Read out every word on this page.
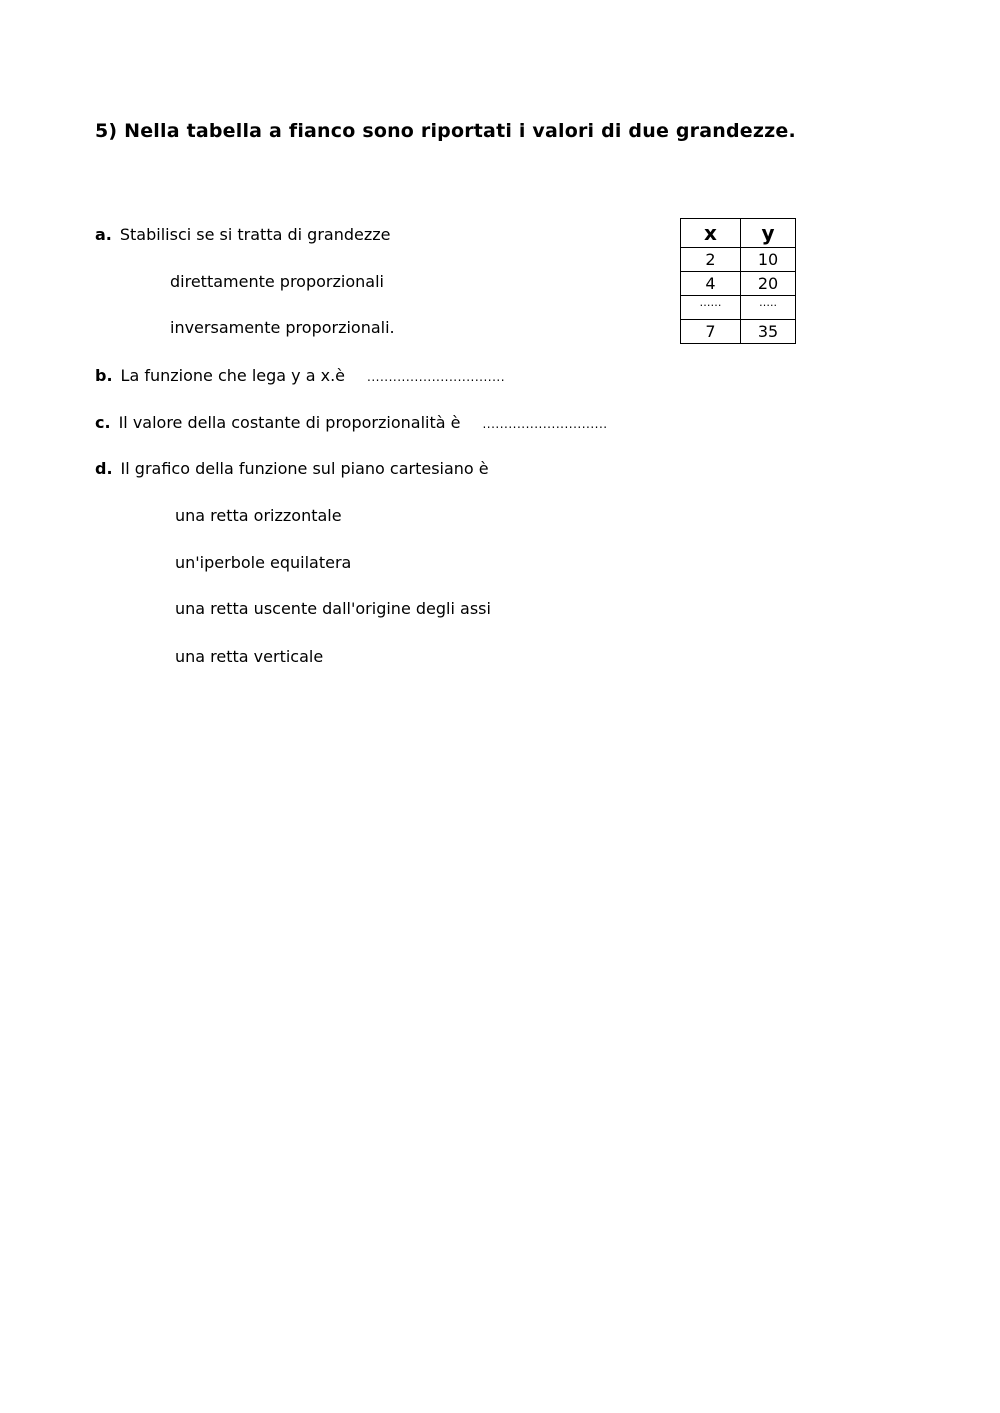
5) Nella tabella a fianco sono riportati i valori di due grandezze.
a. Stabilisci se si tratta di grandezze
direttamente proporzionali
inversamente proporzionali.
b. La funzione che lega y a x.è ................................
c. Il valore della costante di proporzionalità è .............................
d. Il grafico della funzione sul piano cartesiano è
una retta orizzontale
un'iperbole equilatera
una retta uscente dall'origine degli assi
una retta verticale
x	y
2	10
4	20
……	…..
7	35
